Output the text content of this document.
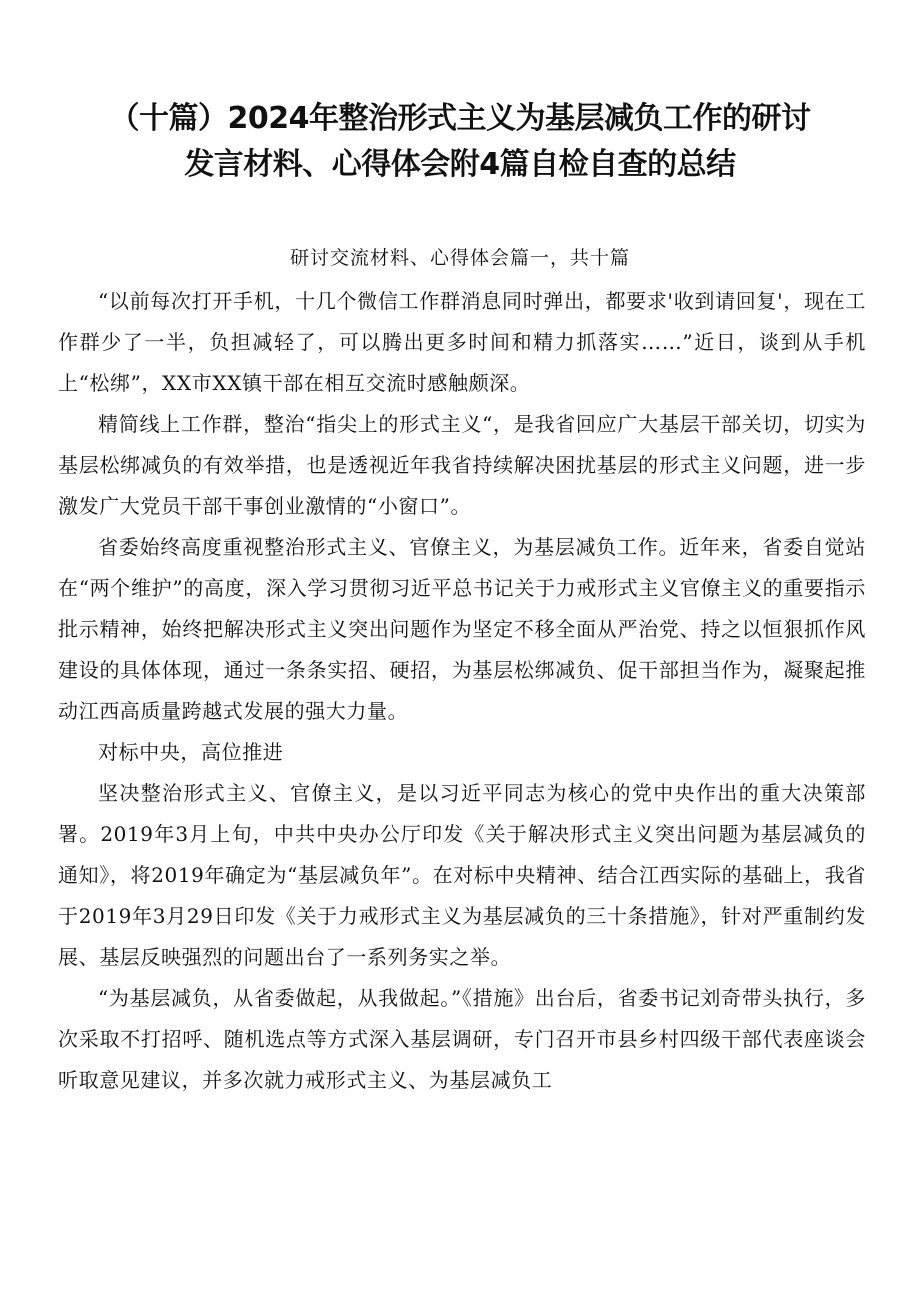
（十篇）2024年整治形式主义为基层减负工作的研讨
发言材料、心得体会附4篇自检自查的总结
研讨交流材料、心得体会篇一，共十篇

“以前每次打开手机，十几个微信工作群消息同时弹出，都要求'收到请回复'，现在工作群少了一半，负担减轻了，可以腾出更多时间和精力抓落实……”近日，谈到从手机上“松绑”，XX市XX镇干部在相互交流时感触颇深。

精简线上工作群，整治“指尖上的形式主义“，是我省回应广大基层干部关切，切实为基层松绑减负的有效举措，也是透视近年我省持续解决困扰基层的形式主义问题，进一步激发广大党员干部干事创业激情的“小窗口”。

省委始终高度重视整治形式主义、官僚主义，为基层减负工作。近年来，省委自觉站在“两个维护”的高度，深入学习贯彻习近平总书记关于力戒形式主义官僚主义的重要指示批示精神，始终把解决形式主义突出问题作为坚定不移全面从严治党、持之以恒狠抓作风建设的具体体现，通过一条条实招、硬招，为基层松绑减负、促干部担当作为，凝聚起推动江西高质量跨越式发展的强大力量。

对标中央，高位推进

坚决整治形式主义、官僚主义，是以习近平同志为核心的党中央作出的重大决策部署。2019年3月上旬，中共中央办公厅印发《关于解决形式主义突出问题为基层减负的通知》，将2019年确定为“基层减负年”。在对标中央精神、结合江西实际的基础上，我省于2019年3月29日印发《关于力戒形式主义为基层减负的三十条措施》，针对严重制约发展、基层反映强烈的问题出台了一系列务实之举。

“为基层减负，从省委做起，从我做起。”《措施》出台后，省委书记刘奇带头执行，多次采取不打招呼、随机选点等方式深入基层调研，专门召开市县乡村四级干部代表座谈会听取意见建议，并多次就力戒形式主义、为基层减负工
